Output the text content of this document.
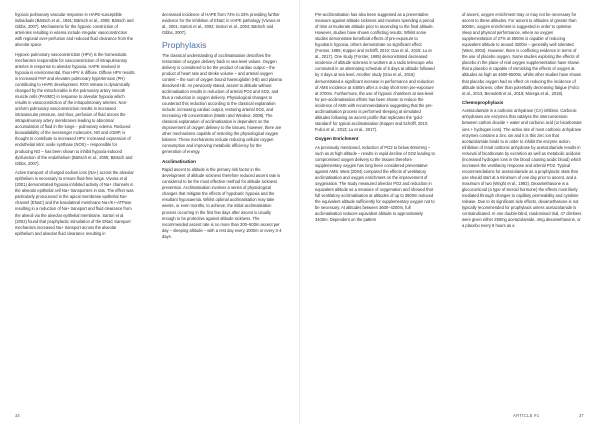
hypoxic pulmonary vascular response in HAPE-susceptible individuals (Bärtsch et al., 1991; Bärtsch et al., 2005; Bärtsch and Gibbs, 2007). Mechanisms for the hypoxic constriction of arterioles resulting in edema include irregular vasoconstriction with regional over-perfusion and reduced fluid clearance from the alveolar space.

Hypoxic pulmonary vasoconstriction (HPV) is the homeostatic mechanism responsible for vasoconstriction of intrapulmonary arteries in response to alveolar hypoxia. HAPE involved in hypoxia is environmental, thus HPV is diffuse. Diffuse HPV results in increased PAP and elevates pulmonary hypertension (PH) contributing to HAPE development. ROS release is dynamically changed by the mitochondria in the pulmonary artery smooth muscle cells (PASMC) in response to alveolar hypoxia which results in vasoconstriction of the intrapulmonary arteries. Non-uniform pulmonary vasoconstriction results in increased intravascular pressure, and thus, perfusion of fluid across the intrapulmonary artery membranes leading to abnormal accumulation of fluid in the lungs – pulmonary edema. Reduced bioavailability of the messenger molecules, NO and cGMP, is thought to contribute to increased HPV. Increased expression of endothelial nitric oxide synthase (NOS) – responsible for producing NO – has been shown to inhibit hypoxia-induced dysfunction of the endothelium (Bärtsch et al., 2005; Bärtsch and Gibbs, 2007).

Active transport of charged sodium ions (Na+) across the alveolar epithelium is necessary to ensure fluid-free lungs. Vivona et al (2001) demonstrated hypoxia inhibited activity of Na+ channels in the alveolar epithelial cell Na+ transporters in rats. The effect was particularly pronounced in the apical membrane epithelial Na+ channel (ENaC) and the basolateral membrane Na+/K+-ATPase resulting in a reduction of Na+ transport and fluid clearance from the alveoli via the alveolar epithelial membrane. Sartori et al (2002) found that prophylactic stimulation of the ENaC transport mechanism increased Na+ transport across the alveolar epithelium and alveolar fluid clearance resulting in

decreased incidence of HAPE from 74% to 33% providing further evidence for the inhibition of ENaC in HAPE pathology (Vivona et al., 2001; Sartori et al., 2002; Sartori et al., 2004; Bärtsch and Gibbs, 2007).

Prophylaxis

The classical understanding of acclimatisation describes the restoration of oxygen delivery back to sea-level values. Oxygen delivery is considered to be the product of cardiac output – the product of heart rate and stroke volume – and arterial oxygen content – the sum of oxygen bound haemoglobin (Hb) and plasma dissolved Hb. As previously stated, ascent to altitude without acclimatisation results in reduction of arterial PO2 and SO2, and thus a reduction in oxygen delivery. Physiological changes to counteract this reduction according to the classical explanation include: increasing cardiac output, restoring arterial SO2, and increasing Hb concentration (Martin and Windsor, 2008). The classical explanation of acclimatisation is dependent on the improvement of oxygen delivery to the tissues, however, there are other mechanisms capable of restoring the physiological oxygen balance. These mechanisms include reducing cellular oxygen consumption and improving metabolic efficiency for the generation of energy.

Acclimatisation

Rapid ascent to altitude is the primary risk factor in the development of altitude sickness therefore reduced ascent rate is considered to be the most effective method for altitude sickness prevention. Acclimatisation involves a series of physiological changes that mitigate the effects of hypobaric hypoxia and the resultant hypoxaemia. Whilst optimal acclimatisation may take weeks, or even months, to achieve, the initial acclimatisation process occurring in the first few days after ascent is usually enough to be protective against altitude sickness. The recommended ascent rate is no more than 300–500m ascent per day – sleeping altitude – with a rest day every 1000m or every 3-4 days.

Pre-acclimatisation has also been suggested as a preventative measure against altitude sickness and involves spending a period of time at moderate altitude prior to ascending to the final altitude. However, studies have shown conflicting results. Whilst some studies demonstrate beneficial effects of pre-exposure to hypobaric hypoxia, others demonstrate no significant effect (Forster, 1985; Küpper and Schöffl, 2010; Gao et al., 2016; Lu et al., 2017). One study (Forster, 1985) demonstrated decreased incidence of altitude sickness in workers at a radio telescope who commuted in an alternating schedule of 5 days at altitude followed by 3 days at sea level. Another study (Gao et al., 2016) demonstrated a significant increase in performance and reduction of AMS incidence at 4400m after a 4-day short term pre-exposure at 3700m. Furthermore, the use of hypoxic chambers at sea-level for pre-acclimatisation efforts has been shown to reduce the incidence of AMS with recommendations suggesting that the pre-acclimatisation process is performed sleeping at simulated altitudes following an ascent profile that replicates the 'gold-standard' for typical acclimatisation (Küpper and Schöffl, 2010; Fulco et al., 2013; Lu et al., 2017).

Oxygen Enrichment

As previously mentioned, reduction of PO2 to below 60mmHg – such as at high altitude – results in rapid decline of SO2 leading to compromised oxygen delivery to the tissues therefore supplementary oxygen has long been considered preventative against AMS. West (2004) compared the effects of ventilatory acclimatisation and oxygen enrichment on the improvement of oxygenation. The study measured alveolar PO2 and reduction in equivalent altitude as a measure of oxygenation and showed that full ventilatory acclimatisation at altitudes of up to 3600m reduced the equivalent altitude sufficiently for supplementary oxygen not to be necessary. At altitudes between 3600–4200m, full acclimatisation reduces equivalent altitude to approximately 3400m. Dependent on the pattern

of ascent, oxygen enrichment may or may not be necessary for ascent to these altitudes. For ascent to altitudes of greater than 5000m, oxygen enrichment is suggested in order to optimise sleep and physical performance, where an oxygen supplementation of 27% at 5000m is capable of reducing equivalent altitude to around 3200m – generally well tolerated (West, 2004). However, there is conflicting evidence in terms of the use of placebo oxygen. Some studies exploring the effects of placebo in the place of real oxygen supplementation have shown that a placebo is capable of mimicking the effects of oxygen at altitudes as high as 4500-5500m, whilst other studies have shown that placebo oxygen had no effect on reducing the incidence of altitude sickness, other than potentially decreasing fatigue (Fulco et al., 2013; Benedetti et al., 2018; Morega et al., 2018).

Chemoprophylaxis

Acetazolamide is a carbonic anhydrase (CA) inhibitor. Carbonic anhydrases are enzymes that catalyse the interconversion between carbon dioxide + water and carbonic acid (or bicarbonate ions + hydrogen ions). The active site of most carbonic anhydrase enzymes contains a zinc ion and it is this zinc ion that acetazolamide binds to in order to inhibit the enzyme action. Inhibition of renal carbonic anhydrase by acetazolamide results in removal of bicarbonate by excretion as well as metabolic acidosis (increased hydrogen ions in the blood causing acidic blood) which increases the ventilatory response and arterial PO2. Typical recommendations for acetazolamide as a prophylactic state that use should start at a minimum of one day prior to ascent, and a maximum of two (Wright et al., 1983). Dexamethasone is a glucocorticoid (a type of steroid hormone) the effects most likely mediated through changes to capillary permeability and cytokine release. Due to its significant side effects, dexamethasone is not typically recommended for prophylaxis unless acetazolamide is contraindicated. In one double-blind, randomised trial, 47 climbers were given either 250mg acetazolamide, 4mg dexamethasone, or a placebo every 8 hours as a

34	ARTICLE #1	37
